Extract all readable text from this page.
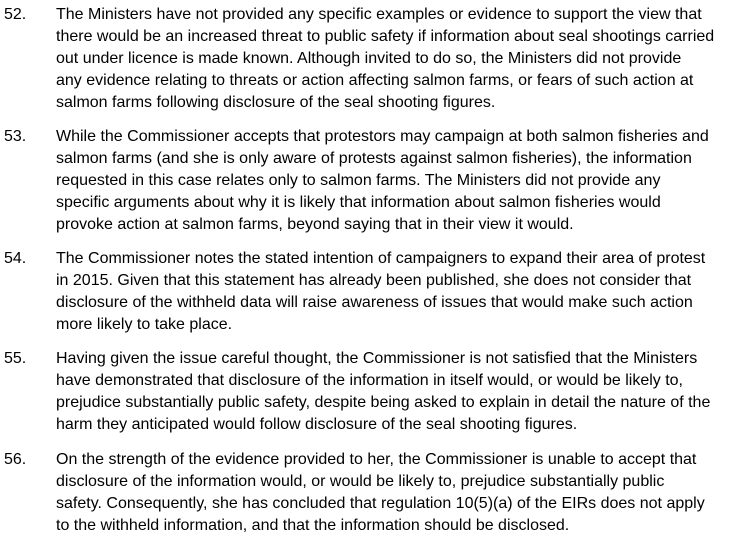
52. The Ministers have not provided any specific examples or evidence to support the view that
there would be an increased threat to public safety if information about seal shootings carried
out under licence is made known. Although invited to do so, the Ministers did not provide
any evidence relating to threats or action affecting salmon farms, or fears of such action at
salmon farms following disclosure of the seal shooting figures.
53. While the Commissioner accepts that protestors may campaign at both salmon fisheries and
salmon farms (and she is only aware of protests against salmon fisheries), the information
requested in this case relates only to salmon farms. The Ministers did not provide any
specific arguments about why it is likely that information about salmon fisheries would
provoke action at salmon farms, beyond saying that in their view it would.
54. The Commissioner notes the stated intention of campaigners to expand their area of protest
in 2015. Given that this statement has already been published, she does not consider that
disclosure of the withheld data will raise awareness of issues that would make such action
more likely to take place.
55. Having given the issue careful thought, the Commissioner is not satisfied that the Ministers
have demonstrated that disclosure of the information in itself would, or would be likely to,
prejudice substantially public safety, despite being asked to explain in detail the nature of the
harm they anticipated would follow disclosure of the seal shooting figures.
56. On the strength of the evidence provided to her, the Commissioner is unable to accept that
disclosure of the information would, or would be likely to, prejudice substantially public
safety. Consequently, she has concluded that regulation 10(5)(a) of the EIRs does not apply
to the withheld information, and that the information should be disclosed.
